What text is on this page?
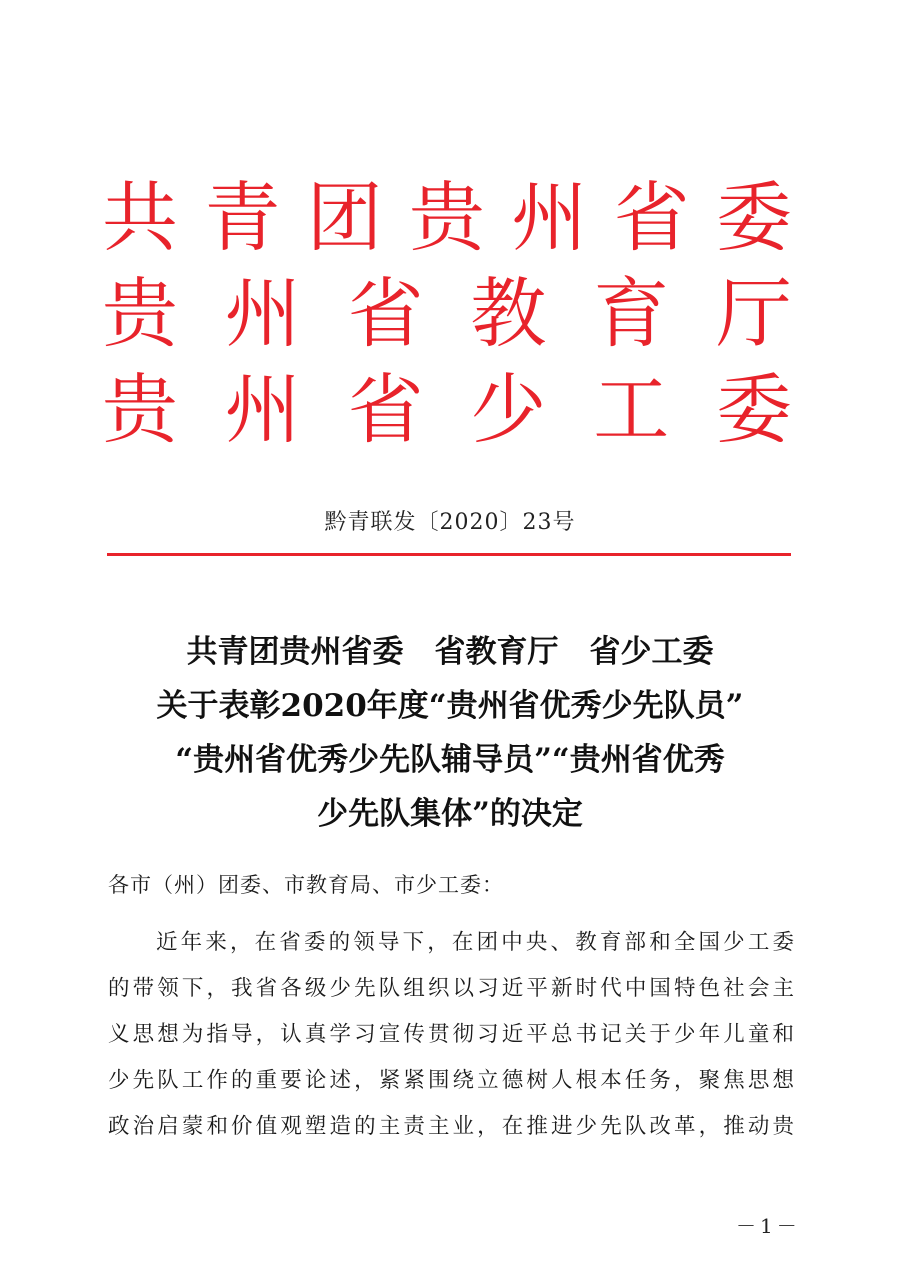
共 青 团 贵 州 省 委
贵 州 省 教 育 厅
贵 州 省 少 工 委
黔青联发〔2020〕23号
共青团贵州省委　省教育厅　省少工委
关于表彰2020年度“贵州省优秀少先队员”
“贵州省优秀少先队辅导员”“贵州省优秀
少先队集体”的决定
各市（州）团委、市教育局、市少工委：
近年来，在省委的领导下，在团中央、教育部和全国少工委
的带领下，我省各级少先队组织以习近平新时代中国特色社会主
义思想为指导，认真学习宣传贯彻习近平总书记关于少年儿童和
少先队工作的重要论述，紧紧围绕立德树人根本任务，聚焦思想
政治启蒙和价值观塑造的主责主业，在推进少先队改革，推动贵
－1－
